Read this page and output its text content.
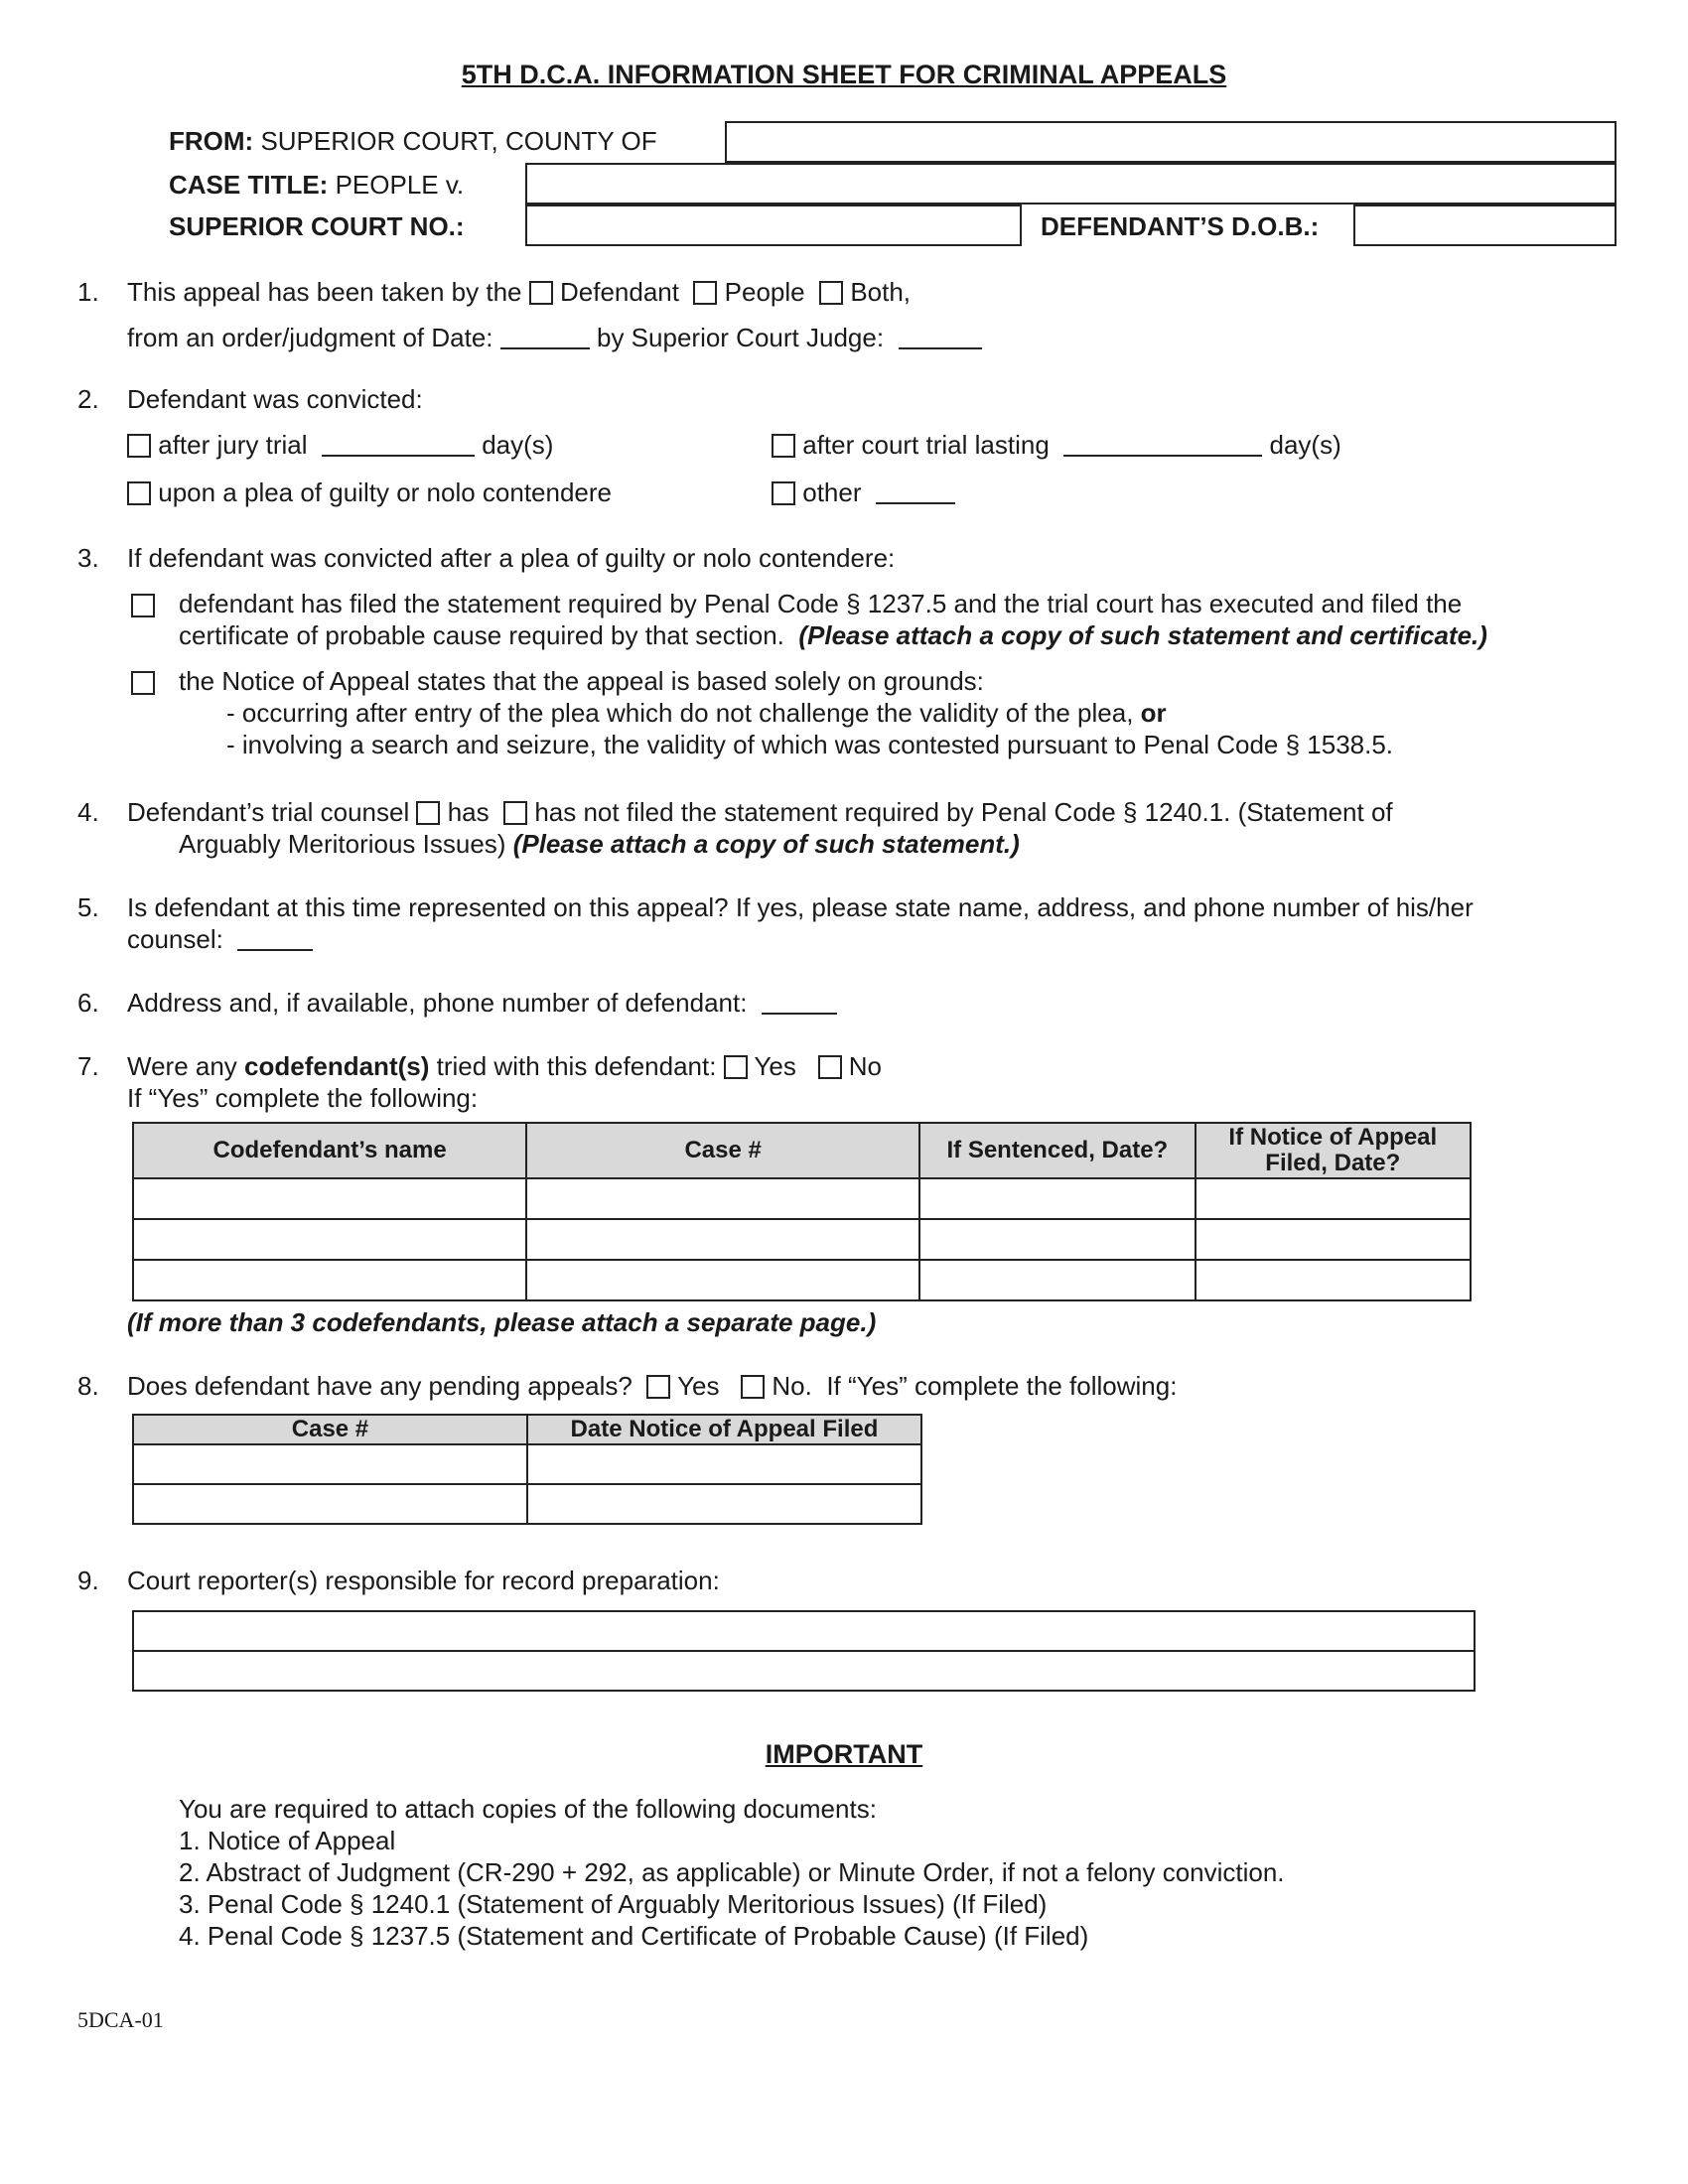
5TH D.C.A. INFORMATION SHEET FOR CRIMINAL APPEALS
FROM: SUPERIOR COURT, COUNTY OF
CASE TITLE: PEOPLE v.
SUPERIOR COURT NO.:	DEFENDANT’S D.O.B.:
1. This appeal has been taken by the Defendant People Both,
from an order/judgment of Date:	by Superior Court Judge:
2. Defendant was convicted:
after jury trial	day(s)	after court trial lasting	day(s)
upon a plea of guilty or nolo contendere	other
3. If defendant was convicted after a plea of guilty or nolo contendere:
defendant has filed the statement required by Penal Code § 1237.5 and the trial court has executed and filed the
certificate of probable cause required by that section. (Please attach a copy of such statement and certificate.)
the Notice of Appeal states that the appeal is based solely on grounds:
- occurring after entry of the plea which do not challenge the validity of the plea, or
- involving a search and seizure, the validity of which was contested pursuant to Penal Code § 1538.5.
4. Defendant’s trial counsel has has not filed the statement required by Penal Code § 1240.1. (Statement of
Arguably Meritorious Issues) (Please attach a copy of such statement.)
5. Is defendant at this time represented on this appeal? If yes, please state name, address, and phone number of his/her
counsel:
6. Address and, if available, phone number of defendant:
7. Were any codefendant(s) tried with this defendant: Yes No
If “Yes” complete the following:
Codefendant’s name	Case #	If Sentenced, Date?	If Notice of Appeal Filed, Date?

(If more than 3 codefendants, please attach a separate page.)
8. Does defendant have any pending appeals? Yes No. If “Yes” complete the following:
Case #	Date Notice of Appeal Filed

9. Court reporter(s) responsible for record preparation:
IMPORTANT
You are required to attach copies of the following documents:
1. Notice of Appeal
2. Abstract of Judgment (CR-290 + 292, as applicable) or Minute Order, if not a felony conviction.
3. Penal Code § 1240.1 (Statement of Arguably Meritorious Issues) (If Filed)
4. Penal Code § 1237.5 (Statement and Certificate of Probable Cause) (If Filed)
5DCA-01
